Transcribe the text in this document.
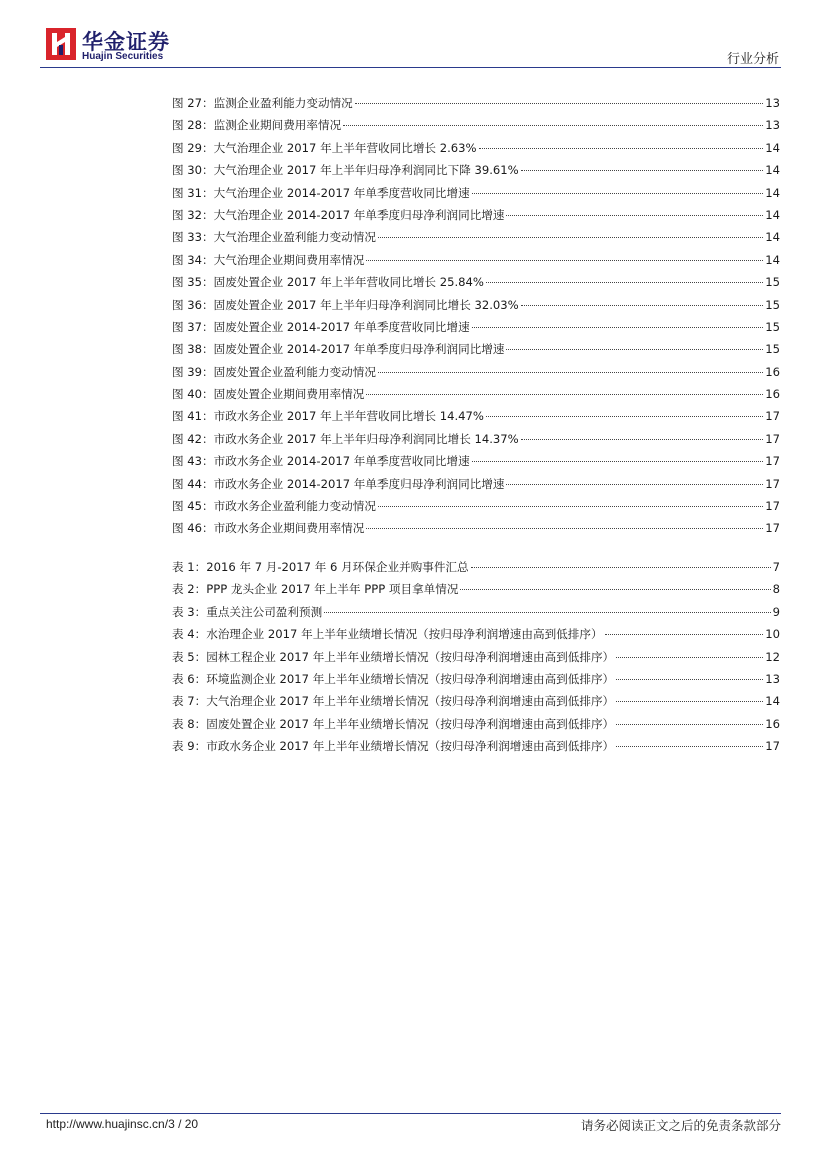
华金证券
Huajin Securities	行业分析
图 27：监测企业盈利能力变动情况	13
图 28：监测企业期间费用率情况	13
图 29：大气治理企业 2017 年上半年营收同比增长 2.63%	14
图 30：大气治理企业 2017 年上半年归母净利润同比下降 39.61%	14
图 31：大气治理企业 2014-2017 年单季度营收同比增速	14
图 32：大气治理企业 2014-2017 年单季度归母净利润同比增速	14
图 33：大气治理企业盈利能力变动情况	14
图 34：大气治理企业期间费用率情况	14
图 35：固废处置企业 2017 年上半年营收同比增长 25.84%	15
图 36：固废处置企业 2017 年上半年归母净利润同比增长 32.03%	15
图 37：固废处置企业 2014-2017 年单季度营收同比增速	15
图 38：固废处置企业 2014-2017 年单季度归母净利润同比增速	15
图 39：固废处置企业盈利能力变动情况	16
图 40：固废处置企业期间费用率情况	16
图 41：市政水务企业 2017 年上半年营收同比增长 14.47%	17
图 42：市政水务企业 2017 年上半年归母净利润同比增长 14.37%	17
图 43：市政水务企业 2014-2017 年单季度营收同比增速	17
图 44：市政水务企业 2014-2017 年单季度归母净利润同比增速	17
图 45：市政水务企业盈利能力变动情况	17
图 46：市政水务企业期间费用率情况	17
表 1：2016 年 7 月-2017 年 6 月环保企业并购事件汇总	7
表 2：PPP 龙头企业 2017 年上半年 PPP 项目拿单情况	8
表 3：重点关注公司盈利预测	9
表 4：水治理企业 2017 年上半年业绩增长情况（按归母净利润增速由高到低排序）	10
表 5：园林工程企业 2017 年上半年业绩增长情况（按归母净利润增速由高到低排序）	12
表 6：环境监测企业 2017 年上半年业绩增长情况（按归母净利润增速由高到低排序）	13
表 7：大气治理企业 2017 年上半年业绩增长情况（按归母净利润增速由高到低排序）	14
表 8：固废处置企业 2017 年上半年业绩增长情况（按归母净利润增速由高到低排序）	16
表 9：市政水务企业 2017 年上半年业绩增长情况（按归母净利润增速由高到低排序）	17
http://www.huajinsc.cn/3 / 20	请务必阅读正文之后的免责条款部分
